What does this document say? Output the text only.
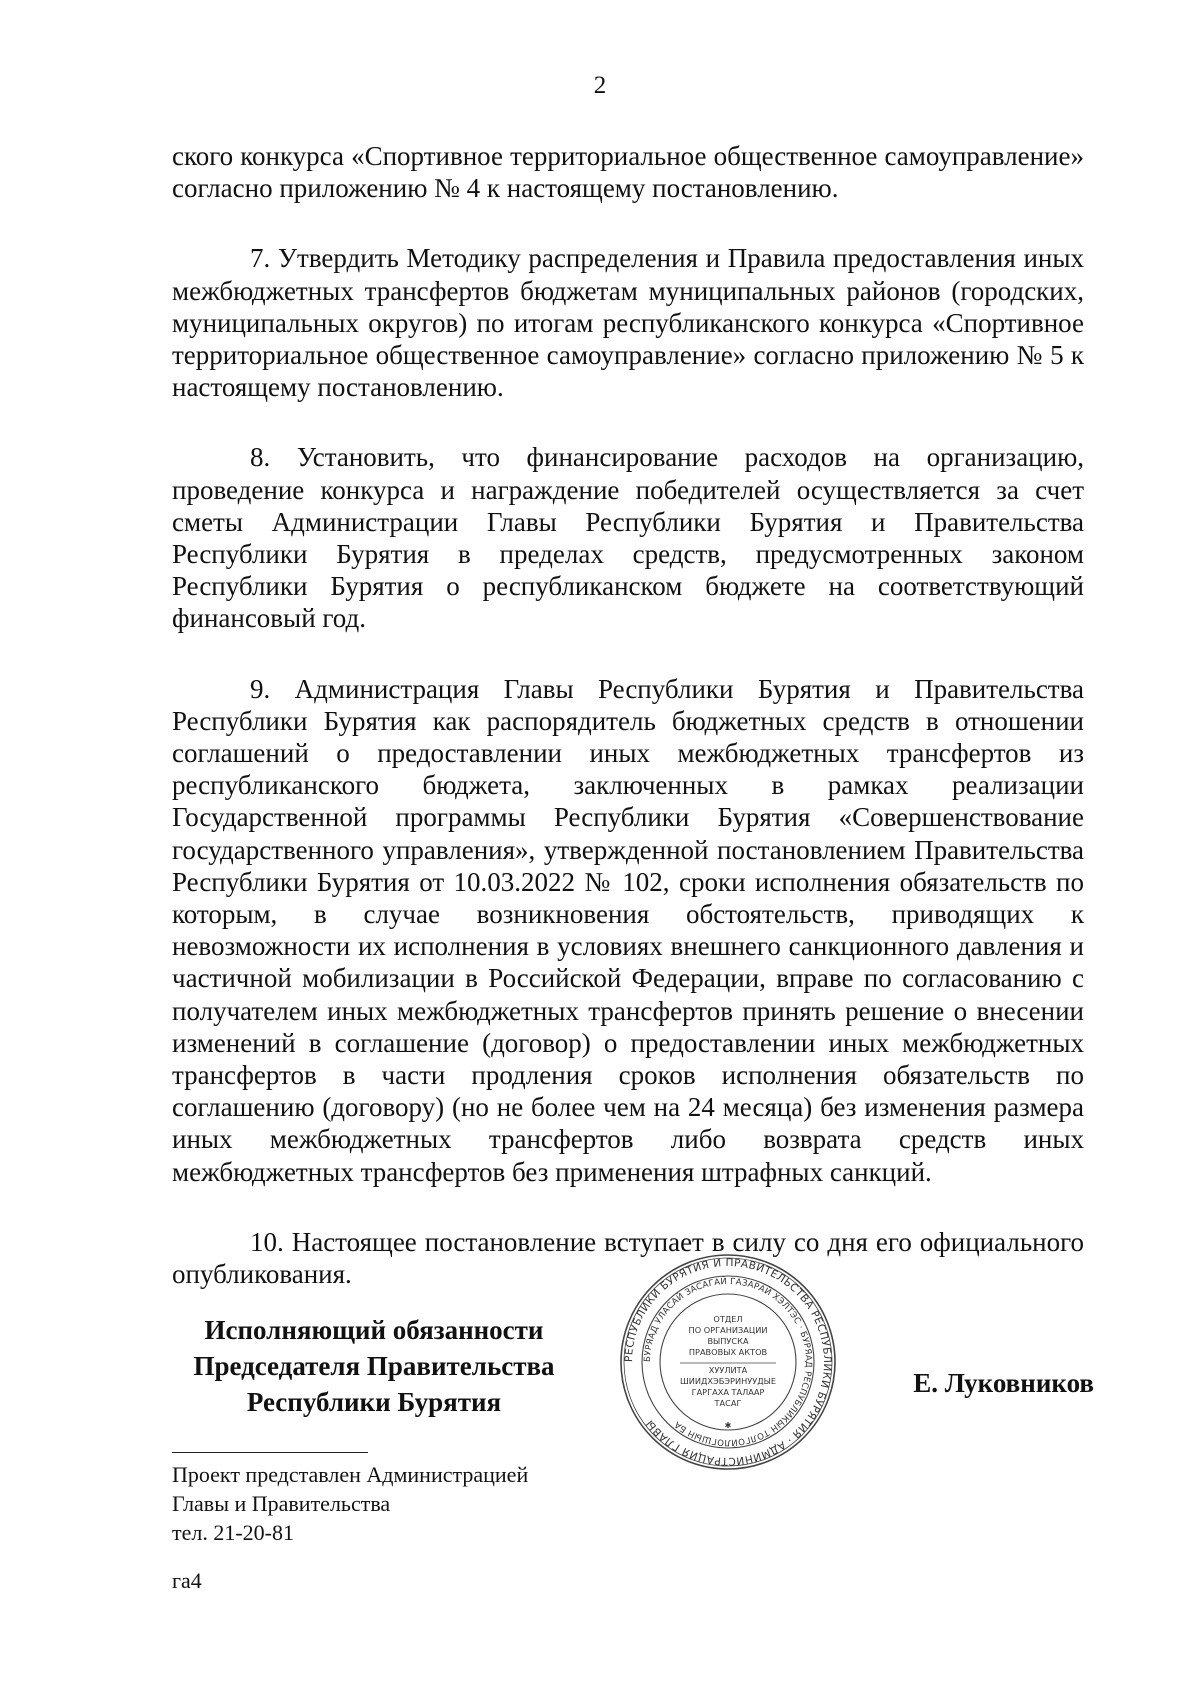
2

ского конкурса «Спортивное территориальное общественное самоуправление» согласно приложению № 4 к настоящему постановлению.

7. Утвердить Методику распределения и Правила предоставления иных межбюджетных трансфертов бюджетам муниципальных районов (городских, муниципальных округов) по итогам республиканского конкурса «Спортивное территориальное общественное самоуправление» согласно приложению № 5 к настоящему постановлению.

8. Установить, что финансирование расходов на организацию, проведение конкурса и награждение победителей осуществляется за счет сметы Администрации Главы Республики Бурятия и Правительства Республики Бурятия в пределах средств, предусмотренных законом Республики Бурятия о республиканском бюджете на соответствующий финансовый год.

9. Администрация Главы Республики Бурятия и Правительства Республики Бурятия как распорядитель бюджетных средств в отношении соглашений о предоставлении иных межбюджетных трансфертов из республиканского бюджета, заключенных в рамках реализации Государственной программы Республики Бурятия «Совершенствование государственного управления», утвержденной постановлением Правительства Республики Бурятия от 10.03.2022 № 102, сроки исполнения обязательств по которым, в случае возникновения обстоятельств, приводящих к невозможности их исполнения в условиях внешнего санкционного давления и частичной мобилизации в Российской Федерации, вправе по согласованию с получателем иных межбюджетных трансфертов принять решение о внесении изменений в соглашение (договор) о предоставлении иных межбюджетных трансфертов в части продления сроков исполнения обязательств по соглашению (договору) (но не более чем на 24 месяца) без изменения размера иных межбюджетных трансфертов либо возврата средств иных межбюджетных трансфертов без применения штрафных санкций.

10. Настоящее постановление вступает в силу со дня его официального опубликования.

Исполняющий обязанности
Председателя Правительства
Республики Бурятия
РЕСПУБЛИКИ БУРЯТИЯ И ПРАВИТЕЛЬСТВА РЕСПУБЛИКИ БУРЯТИЯ · АДМИНИСТРАЦИЯ ГЛАВЫ
БУРЯАД УЛАСАЙ ЗАСАГАЙ ГАЗАРАЙ ХЭЛТЭС · БУРЯАД РЕСПУБЛИКЫН ТОЛГОЙЛОГШЫН БА
ОТДЕЛ
ПО ОРГАНИЗАЦИИ
ВЫПУСКА
ПРАВОВЫХ АКТОВ
ХУУЛИТА
ШИИДХЭБЭРИНУУДЫЕ
ГАРГАХА ТАЛААР
ТАСАГ
✱
Е. Луковников
Проект представлен Администрацией
Главы и Правительства
тел. 21-20-81
га4
